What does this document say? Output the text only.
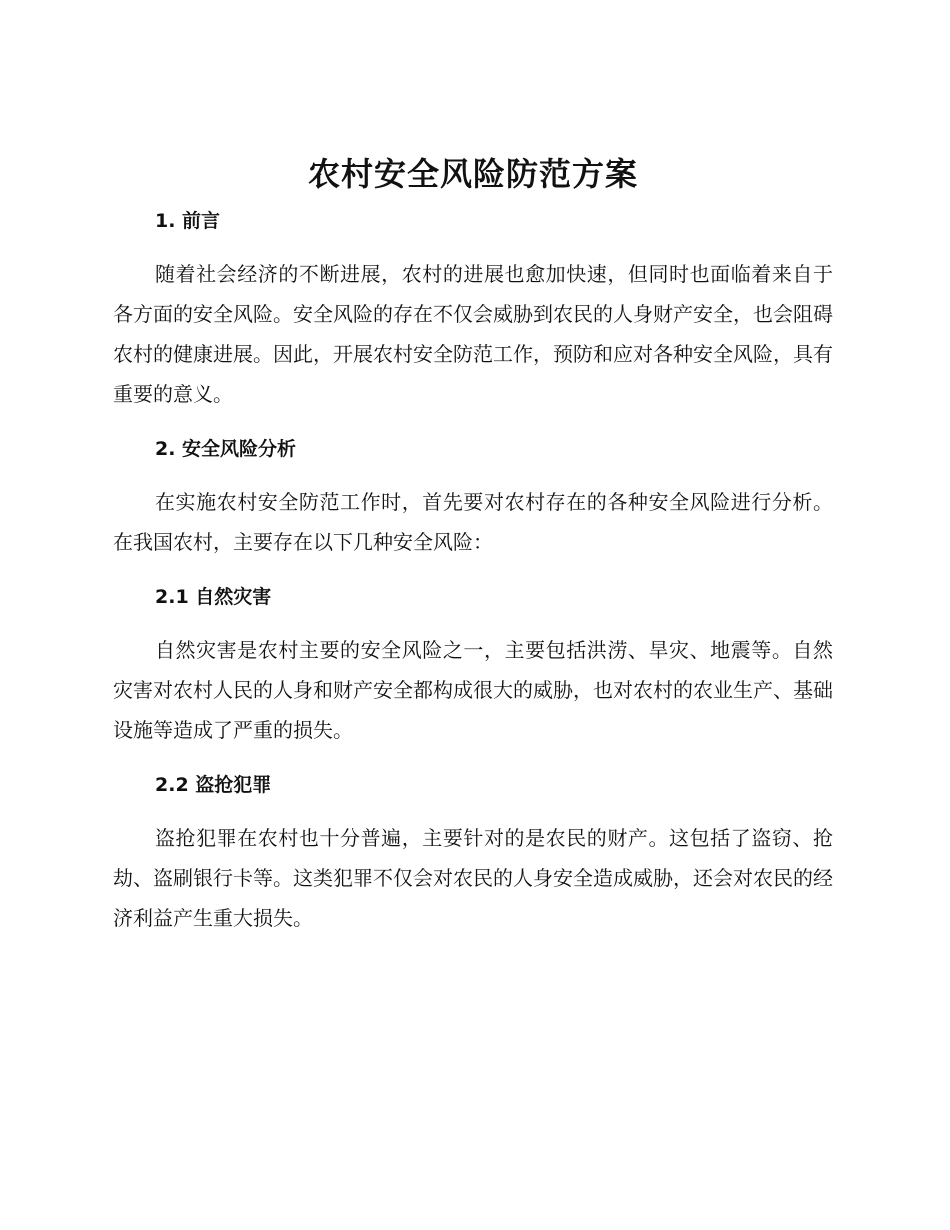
农村安全风险防范方案
1. 前言

随着社会经济的不断进展，农村的进展也愈加快速，但同时也面临着来自于各方面的安全风险。安全风险的存在不仅会威胁到农民的人身财产安全，也会阻碍农村的健康进展。因此，开展农村安全防范工作，预防和应对各种安全风险，具有重要的意义。

2. 安全风险分析

在实施农村安全防范工作时，首先要对农村存在的各种安全风险进行分析。在我国农村，主要存在以下几种安全风险：

2.1 自然灾害

自然灾害是农村主要的安全风险之一，主要包括洪涝、旱灾、地震等。自然灾害对农村人民的人身和财产安全都构成很大的威胁，也对农村的农业生产、基础设施等造成了严重的损失。

2.2 盗抢犯罪

盗抢犯罪在农村也十分普遍，主要针对的是农民的财产。这包括了盗窃、抢劫、盗刷银行卡等。这类犯罪不仅会对农民的人身安全造成威胁，还会对农民的经济利益产生重大损失。
